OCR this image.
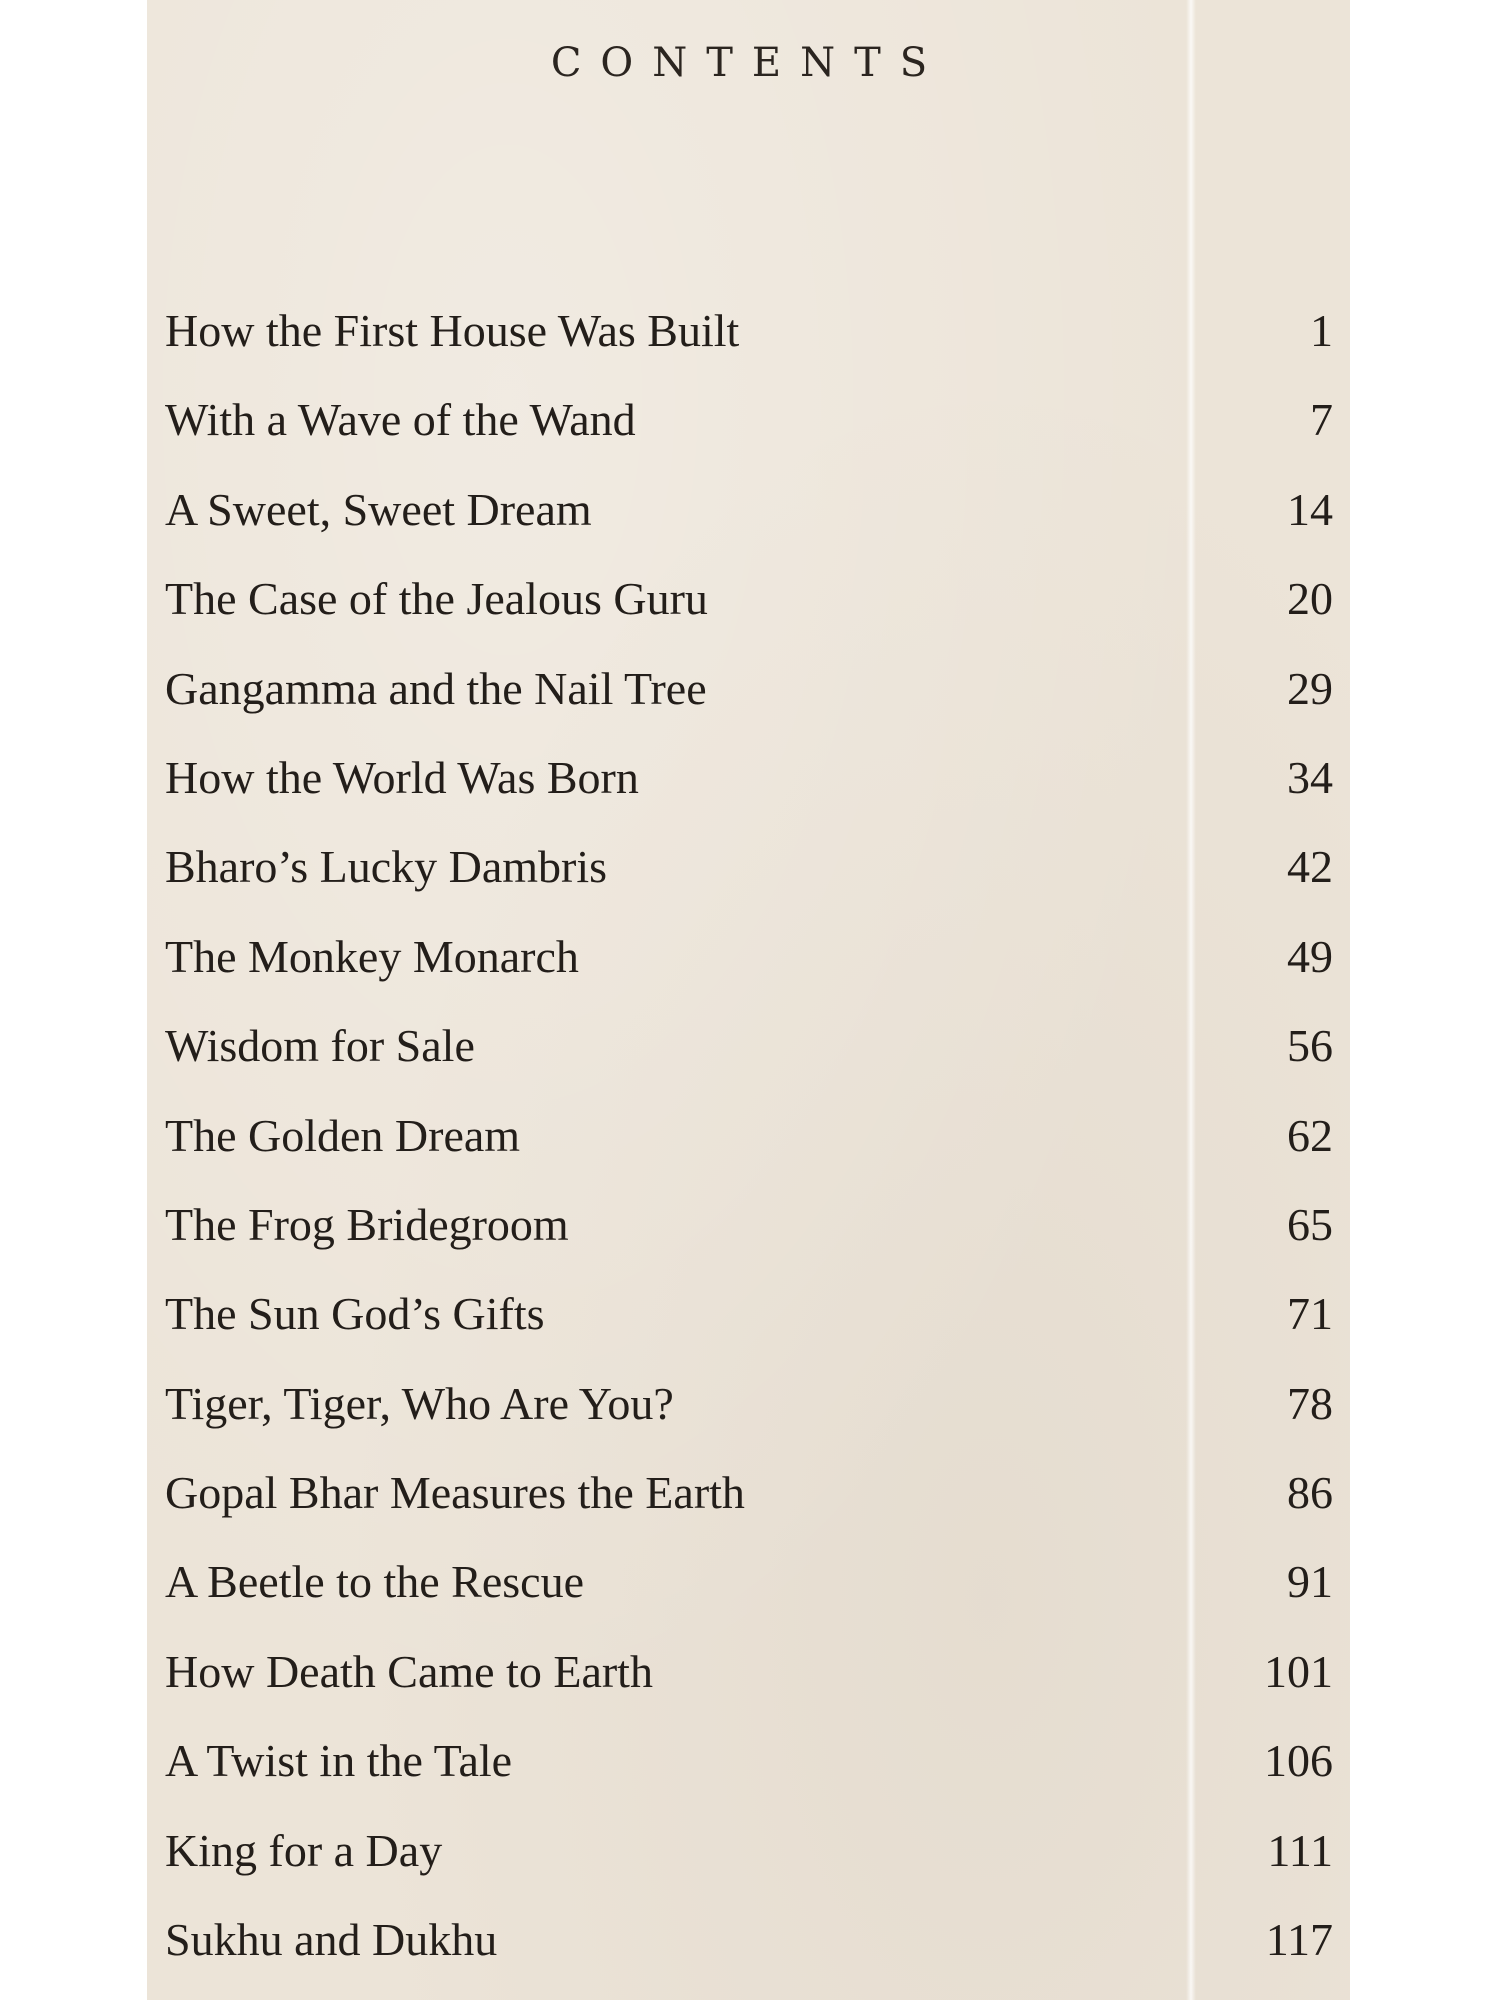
CONTENTS
How the First House Was Built	1
With a Wave of the Wand	7
A Sweet, Sweet Dream	14
The Case of the Jealous Guru	20
Gangamma and the Nail Tree	29
How the World Was Born	34
Bharo’s Lucky Dambris	42
The Monkey Monarch	49
Wisdom for Sale	56
The Golden Dream	62
The Frog Bridegroom	65
The Sun God’s Gifts	71
Tiger, Tiger, Who Are You?	78
Gopal Bhar Measures the Earth	86
A Beetle to the Rescue	91
How Death Came to Earth	101
A Twist in the Tale	106
King for a Day	111
Sukhu and Dukhu	117
